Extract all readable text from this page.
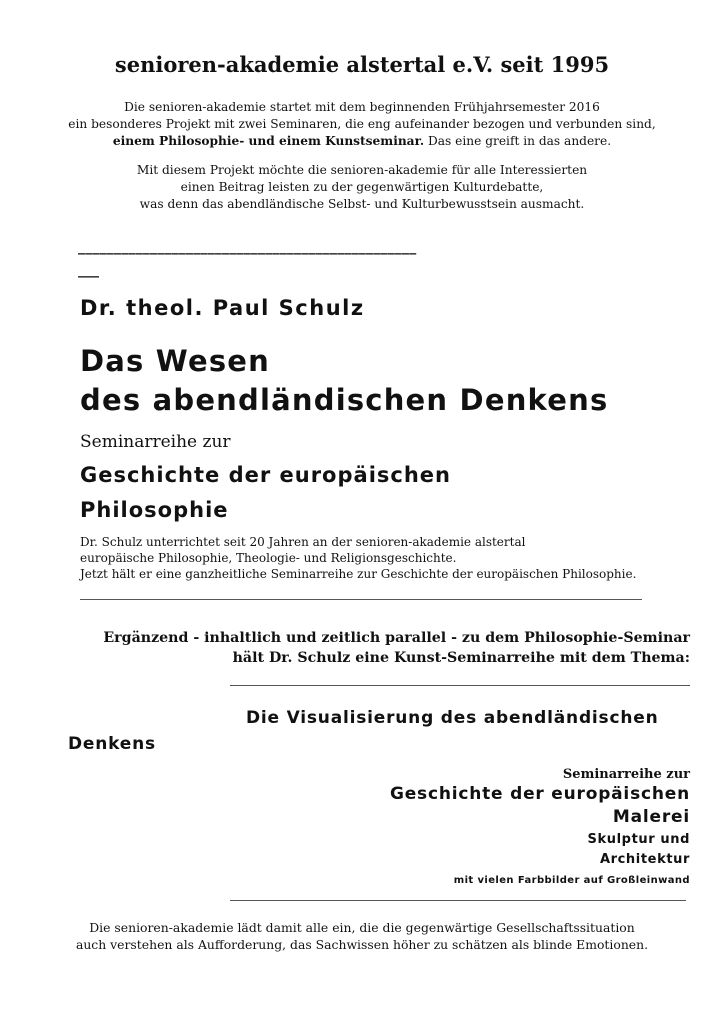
senioren-akademie alstertal e.V. seit 1995
Die senioren-akademie startet mit dem beginnenden Frühjahrsemester 2016
ein besonderes Projekt mit zwei Seminaren, die eng aufeinander bezogen und verbunden sind,
einem Philosophie- und einem Kunstseminar. Das eine greift in das andere.
Mit diesem Projekt möchte die senioren-akademie für alle Interessierten
einen Beitrag leisten zu der gegenwärtigen Kulturdebatte,
was denn das abendländische Selbst- und Kulturbewusstsein ausmacht.
_______________________________________________
___
Dr. theol. Paul Schulz
Das Wesen
des abendländischen Denkens
Seminarreihe zur
Geschichte der europäischen
Philosophie
Dr. Schulz unterrichtet seit 20 Jahren an der senioren-akademie alstertal
europäische Philosophie, Theologie- und Religionsgeschichte.
Jetzt hält er eine ganzheitliche Seminarreihe zur Geschichte der europäischen Philosophie.
Ergänzend - inhaltlich und zeitlich parallel - zu dem Philosophie-Seminar
hält Dr. Schulz eine Kunst-Seminarreihe mit dem Thema:
Die Visualisierung des abendländischen
Denkens
Seminarreihe zur
Geschichte der europäischen
Malerei
Skulptur und
Architektur
mit vielen Farbbilder auf Großleinwand
Die senioren-akademie lädt damit alle ein, die die gegenwärtige Gesellschaftssituation
auch verstehen als Aufforderung, das Sachwissen höher zu schätzen als blinde Emotionen.
